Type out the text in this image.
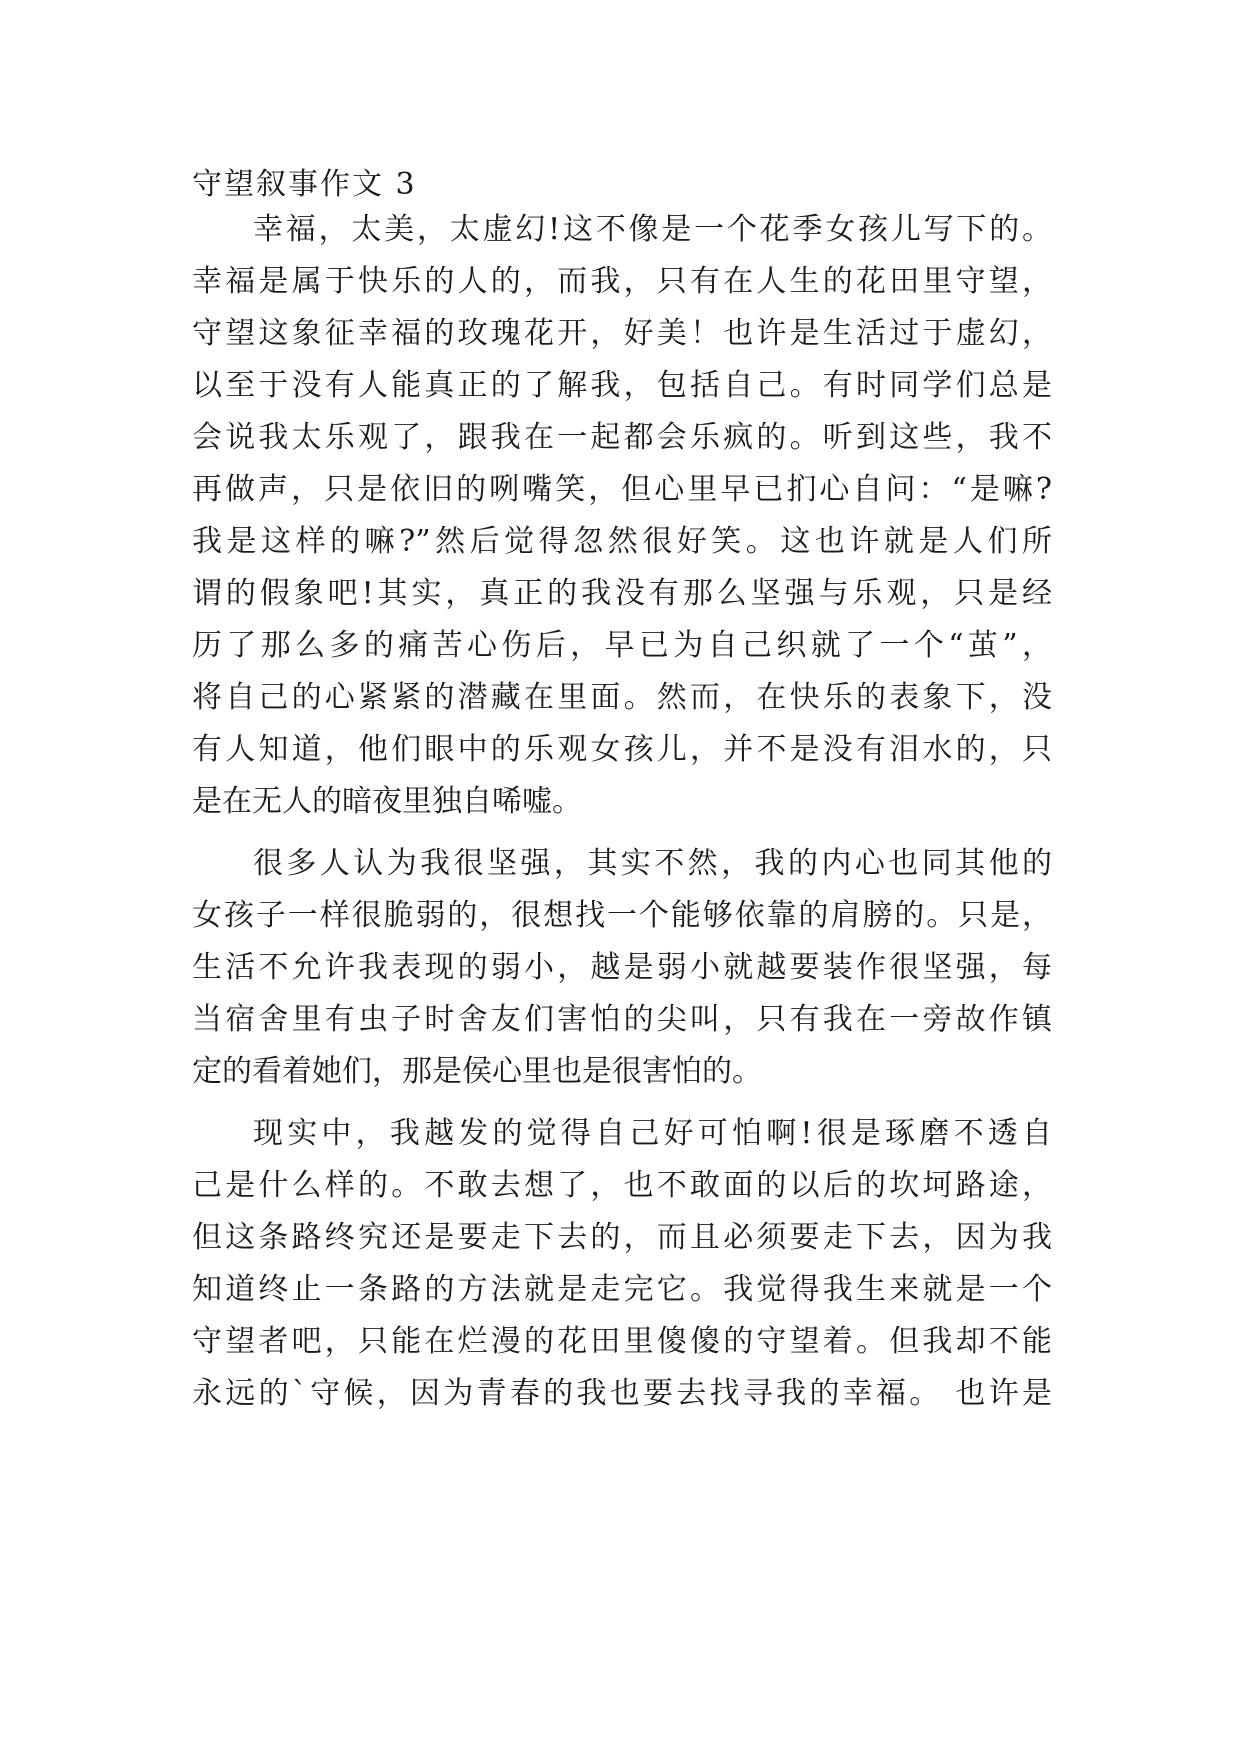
守望叙事作文 3
幸福，太美，太虚幻!这不像是一个花季女孩儿写下的。
幸福是属于快乐的人的，而我，只有在人生的花田里守望，
守望这象征幸福的玫瑰花开，好美！也许是生活过于虚幻，
以至于没有人能真正的了解我，包括自己。有时同学们总是
会说我太乐观了，跟我在一起都会乐疯的。听到这些，我不
再做声，只是依旧的咧嘴笑，但心里早已扪心自问：“是嘛?
我是这样的嘛?”然后觉得忽然很好笑。这也许就是人们所
谓的假象吧!其实，真正的我没有那么坚强与乐观，只是经
历了那么多的痛苦心伤后，早已为自己织就了一个“茧”，
将自己的心紧紧的潜藏在里面。然而，在快乐的表象下，没
有人知道，他们眼中的乐观女孩儿，并不是没有泪水的，只
是在无人的暗夜里独自唏嘘。
很多人认为我很坚强，其实不然，我的内心也同其他的
女孩子一样很脆弱的，很想找一个能够依靠的肩膀的。只是，
生活不允许我表现的弱小，越是弱小就越要装作很坚强，每
当宿舍里有虫子时舍友们害怕的尖叫，只有我在一旁故作镇
定的看着她们，那是侯心里也是很害怕的。
现实中，我越发的觉得自己好可怕啊!很是琢磨不透自
己是什么样的。不敢去想了，也不敢面的以后的坎坷路途，
但这条路终究还是要走下去的，而且必须要走下去，因为我
知道终止一条路的方法就是走完它。我觉得我生来就是一个
守望者吧，只能在烂漫的花田里傻傻的守望着。但我却不能
永远的`守候，因为青春的我也要去找寻我的幸福。 也许是
